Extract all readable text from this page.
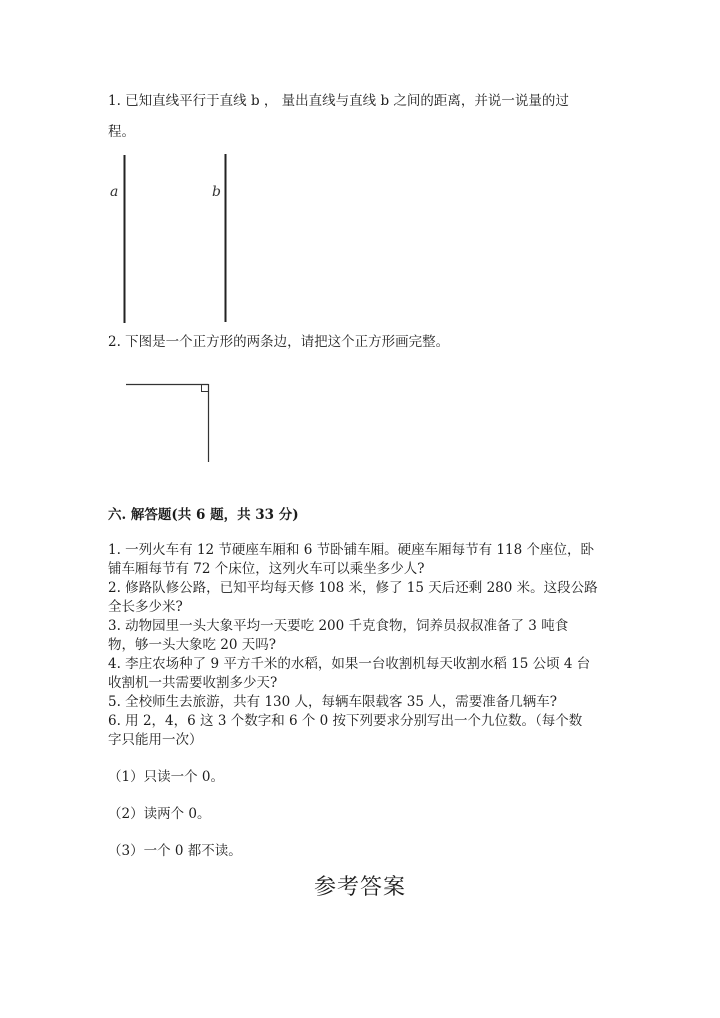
1. 已知直线平行于直线 b ， 量出直线与直线 b 之间的距离，并说一说量的过
程。
a	b
2. 下图是一个正方形的两条边，请把这个正方形画完整。
六. 解答题(共 6 题，共 33 分)
1. 一列火车有 12 节硬座车厢和 6 节卧铺车厢。硬座车厢每节有 118 个座位，卧
铺车厢每节有 72 个床位，这列火车可以乘坐多少人?
2. 修路队修公路，已知平均每天修 108 米，修了 15 天后还剩 280 米。这段公路
全长多少米?
3. 动物园里一头大象平均一天要吃 200 千克食物，饲养员叔叔准备了 3 吨食
物，够一头大象吃 20 天吗?
4. 李庄农场种了 9 平方千米的水稻，如果一台收割机每天收割水稻 15 公顷 4 台
收割机一共需要收割多少天?
5. 全校师生去旅游，共有 130 人，每辆车限载客 35 人，需要准备几辆车?
6. 用 2，4，6 这 3 个数字和 6 个 0 按下列要求分别写出一个九位数。（每个数
字只能用一次）
（1）只读一个 0。
（2）读两个 0。
（3）一个 0 都不读。
参考答案
